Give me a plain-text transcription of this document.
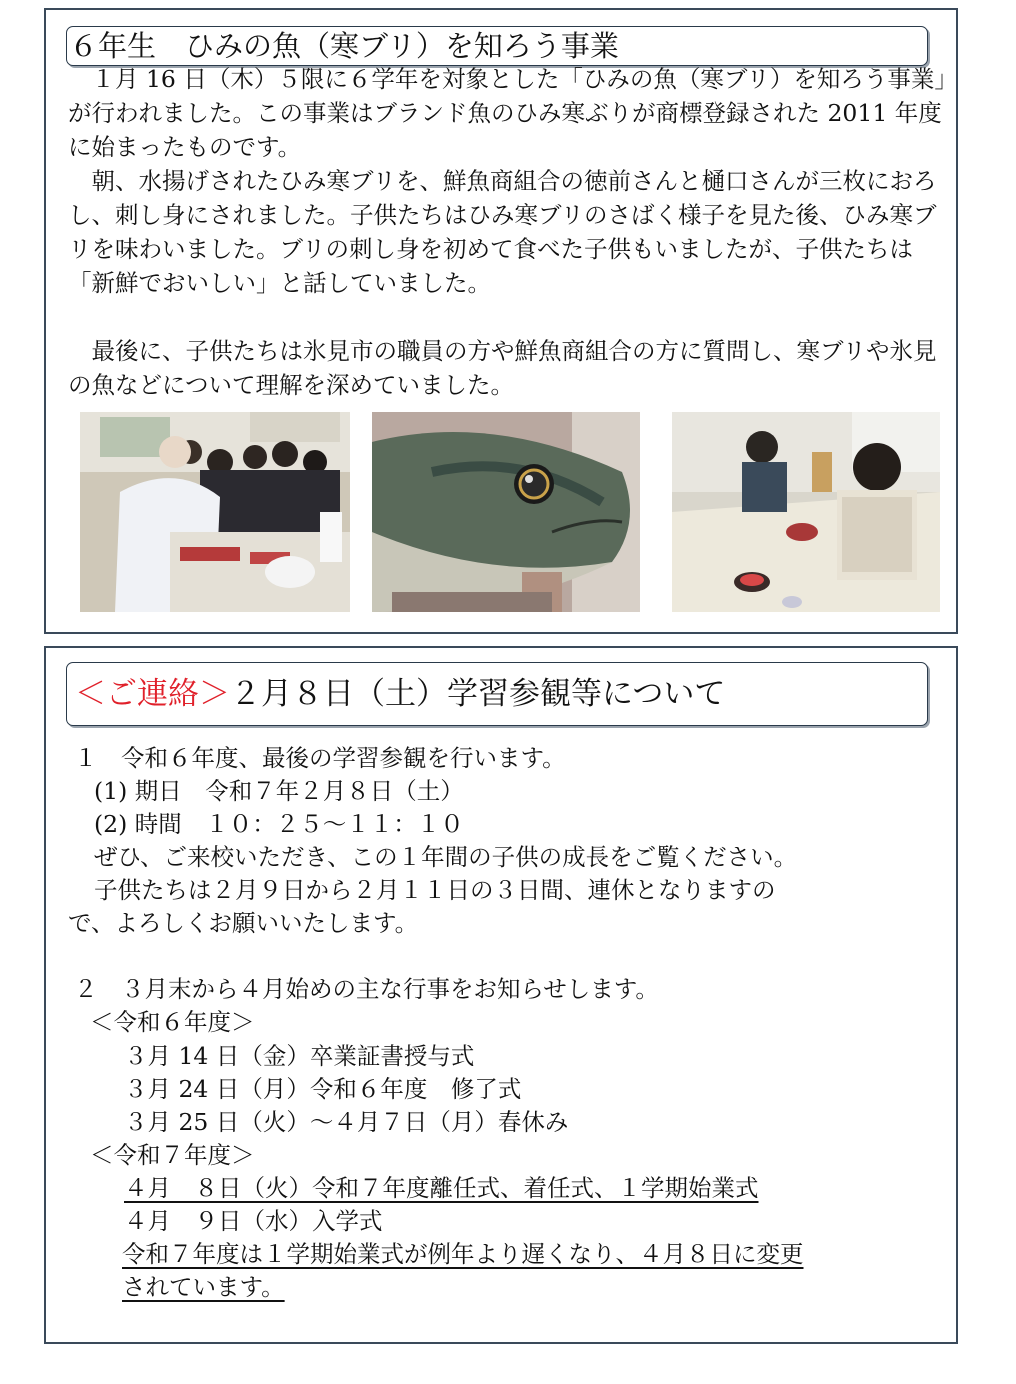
６年生　ひみの魚（寒ブリ）を知ろう事業

　１月 16 日（木）５限に６学年を対象とした「ひみの魚（寒ブリ）を知ろう事業」が行われました。この事業はブランド魚のひみ寒ぶりが商標登録された 2011 年度に始まったものです。

　朝、水揚げされたひみ寒ブリを、鮮魚商組合の徳前さんと樋口さんが三枚におろし、刺し身にされました。子供たちはひみ寒ブリのさばく様子を見た後、ひみ寒ブリを味わいました。ブリの刺し身を初めて食べた子供もいましたが、子供たちは「新鮮でおいしい」と話していました。

　最後に、子供たちは氷見市の職員の方や鮮魚商組合の方に質問し、寒ブリや氷見の魚などについて理解を深めていました。

＜ご連絡＞２月８日（土）学習参観等について

１　令和６年度、最後の学習参観を行います。

(1) 期日　令和７年２月８日（土）

(2) 時間　１０：２５～１１：１０

ぜひ、ご来校いただき、この１年間の子供の成長をご覧ください。

子供たちは２月９日から２月１１日の３日間、連休となりますの

で、よろしくお願いいたします。

２　３月末から４月始めの主な行事をお知らせします。

＜令和６年度＞

３月 14 日（金）卒業証書授与式

３月 24 日（月）令和６年度　修了式

３月 25 日（火）～４月７日（月）春休み

＜令和７年度＞

４月　８日（火）令和７年度離任式、着任式、１学期始業式

４月　９日（水）入学式

令和７年度は１学期始業式が例年より遅くなり、４月８日に変更

されています。
